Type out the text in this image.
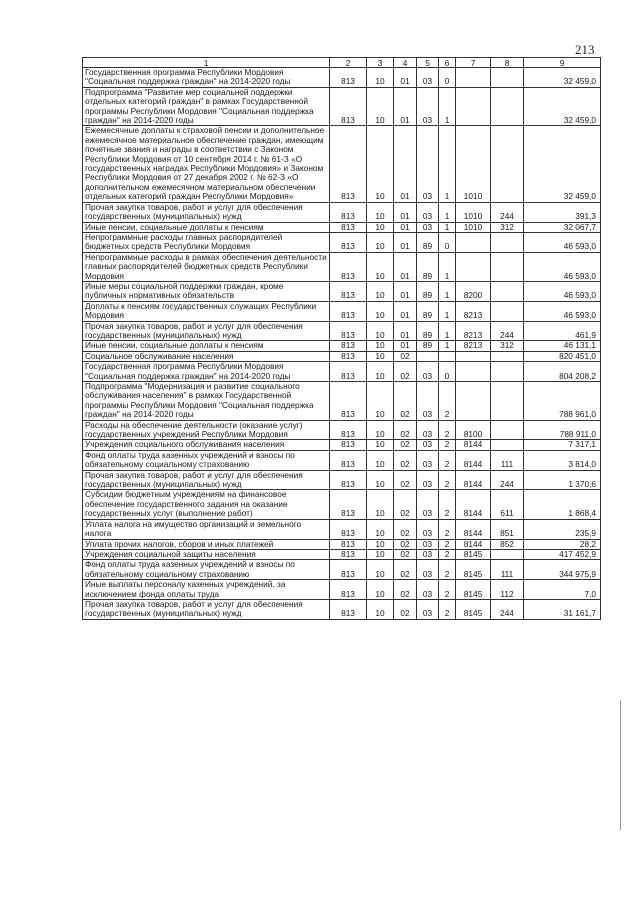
213
1	2	3	4	5	6	7	8	9
Государственная программа Республики Мордовия "Социальная поддержка граждан" на 2014-2020 годы	813	10	01	03	0			32 459,0
Подпрограмма "Развитие мер социальной поддержки отдельных категорий граждан" в рамках Государственной программы Республики Мордовия "Социальная поддержка граждан" на 2014-2020 годы	813	10	01	03	1			32 459,0
Ежемесячные доплаты к страховой пенсии и дополнительное ежемесячное материальное обеспечение граждан, имеющим почетные звания и награды в соответствии с Законом Республики Мордовия от 10 сентября 2014 г. № 61-З «О государственных наградах Республики Мордовия» и Законом Республики Мордовия от 27 декабря 2002 г. № 62-З «О дополнительном ежемесячном материальном обеспечении отдельных категорий граждан Республики Мордовия»	813	10	01	03	1	1010		32 459,0
Прочая закупка товаров, работ и услуг для обеспечения государственных (муниципальных) нужд	813	10	01	03	1	1010	244	391,3
Иные пенсии, социальные доплаты к пенсиям	813	10	01	03	1	1010	312	32 067,7
Непрограммные расходы главных распорядителей бюджетных средств Республики Мордовия	813	10	01	89	0			46 593,0
Непрограммные расходы в рамках обеспечения деятельности главных распорядителей бюджетных средств Республики Мордовия	813	10	01	89	1			46 593,0
Иные меры социальной поддержки граждан, кроме публичных нормативных обязательств	813	10	01	89	1	8200		46 593,0
Доплаты к пенсиям государственных служащих Республики Мордовия	813	10	01	89	1	8213		46 593,0
Прочая закупка товаров, работ и услуг для обеспечения государственных (муниципальных) нужд	813	10	01	89	1	8213	244	461,9
Иные пенсии, социальные доплаты к пенсиям	813	10	01	89	1	8213	312	46 131,1
Социальное обслуживание населения	813	10	02					820 451,0
Государственная программа Республики Мордовия "Социальная поддержка граждан" на 2014-2020 годы	813	10	02	03	0			804 208,2
Подпрограмма "Модернизация и развитие социального обслуживания населения" в рамках Государственной программы Республики Мордовия "Социальная поддержка граждан" на 2014-2020 годы	813	10	02	03	2			788 961,0
Расходы на обеспечение деятельности (оказание услуг) государственных учреждений Республики Мордовия	813	10	02	03	2	8100		788 911,0
Учреждения социального обслуживания населения	813	10	02	03	2	8144		7 317,1
Фонд оплаты труда казенных учреждений и взносы по обязательному социальному страхованию	813	10	02	03	2	8144	111	3 814,0
Прочая закупка товаров, работ и услуг для обеспечения государственных (муниципальных) нужд	813	10	02	03	2	8144	244	1 370,6
Субсидии бюджетным учреждениям на финансовое обеспечение государственного задания на оказание государственных услуг (выполнение работ)	813	10	02	03	2	8144	611	1 868,4
Уплата налога на имущество организаций и земельного налога	813	10	02	03	2	8144	851	235,9
Уплата прочих налогов, сборов и иных платежей	813	10	02	03	2	8144	852	28,2
Учреждения социальной защиты населения	813	10	02	03	2	8145		417 452,9
Фонд оплаты труда казенных учреждений и взносы по обязательному социальному страхованию	813	10	02	03	2	8145	111	344 975,9
Иные выплаты персоналу казенных учреждений, за исключением фонда оплаты труда	813	10	02	03	2	8145	112	7,0
Прочая закупка товаров, работ и услуг для обеспечения государственных (муниципальных) нужд	813	10	02	03	2	8145	244	31 161,7
